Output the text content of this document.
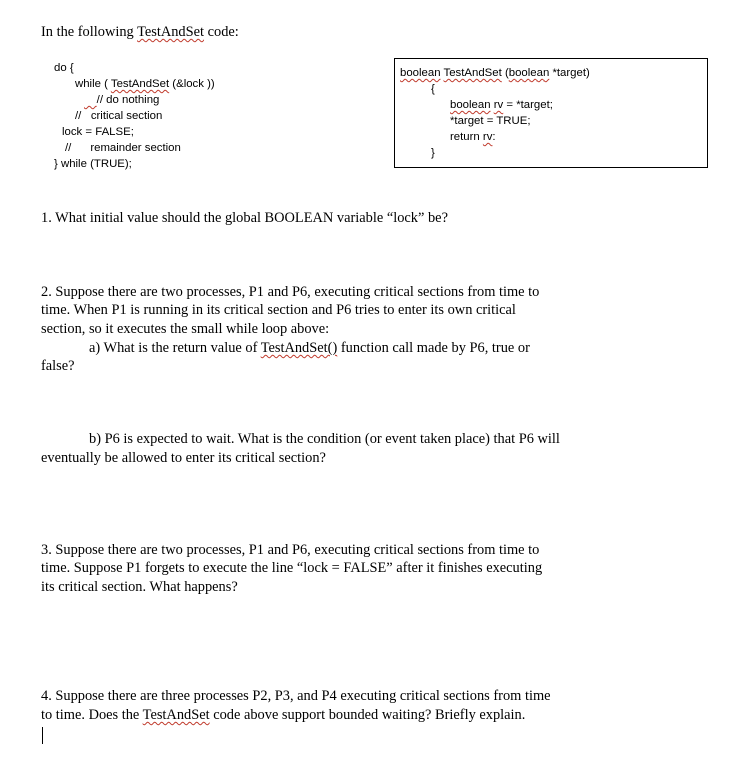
In the following TestAndSet code:
do {
while ( TestAndSet (&lock ))
// do nothing
//   critical section
lock = FALSE;
//      remainder section
} while (TRUE);
boolean TestAndSet (boolean *target)
{
boolean rv = *target;
*target = TRUE;
return rv:
}
1. What initial value should the global BOOLEAN variable “lock” be?
2. Suppose there are two processes, P1 and P6, executing critical sections from time to
time. When P1 is running in its critical section and P6 tries to enter its own critical
section, so it executes the small while loop above:
a) What is the return value of TestAndSet() function call made by P6, true or
false?
b) P6 is expected to wait. What is the condition (or event taken place) that P6 will
eventually be allowed to enter its critical section?
3. Suppose there are two processes, P1 and P6, executing critical sections from time to
time. Suppose P1 forgets to execute the line “lock = FALSE” after it finishes executing
its critical section. What happens?
4. Suppose there are three processes P2, P3, and P4 executing critical sections from time
to time. Does the TestAndSet code above support bounded waiting? Briefly explain.
